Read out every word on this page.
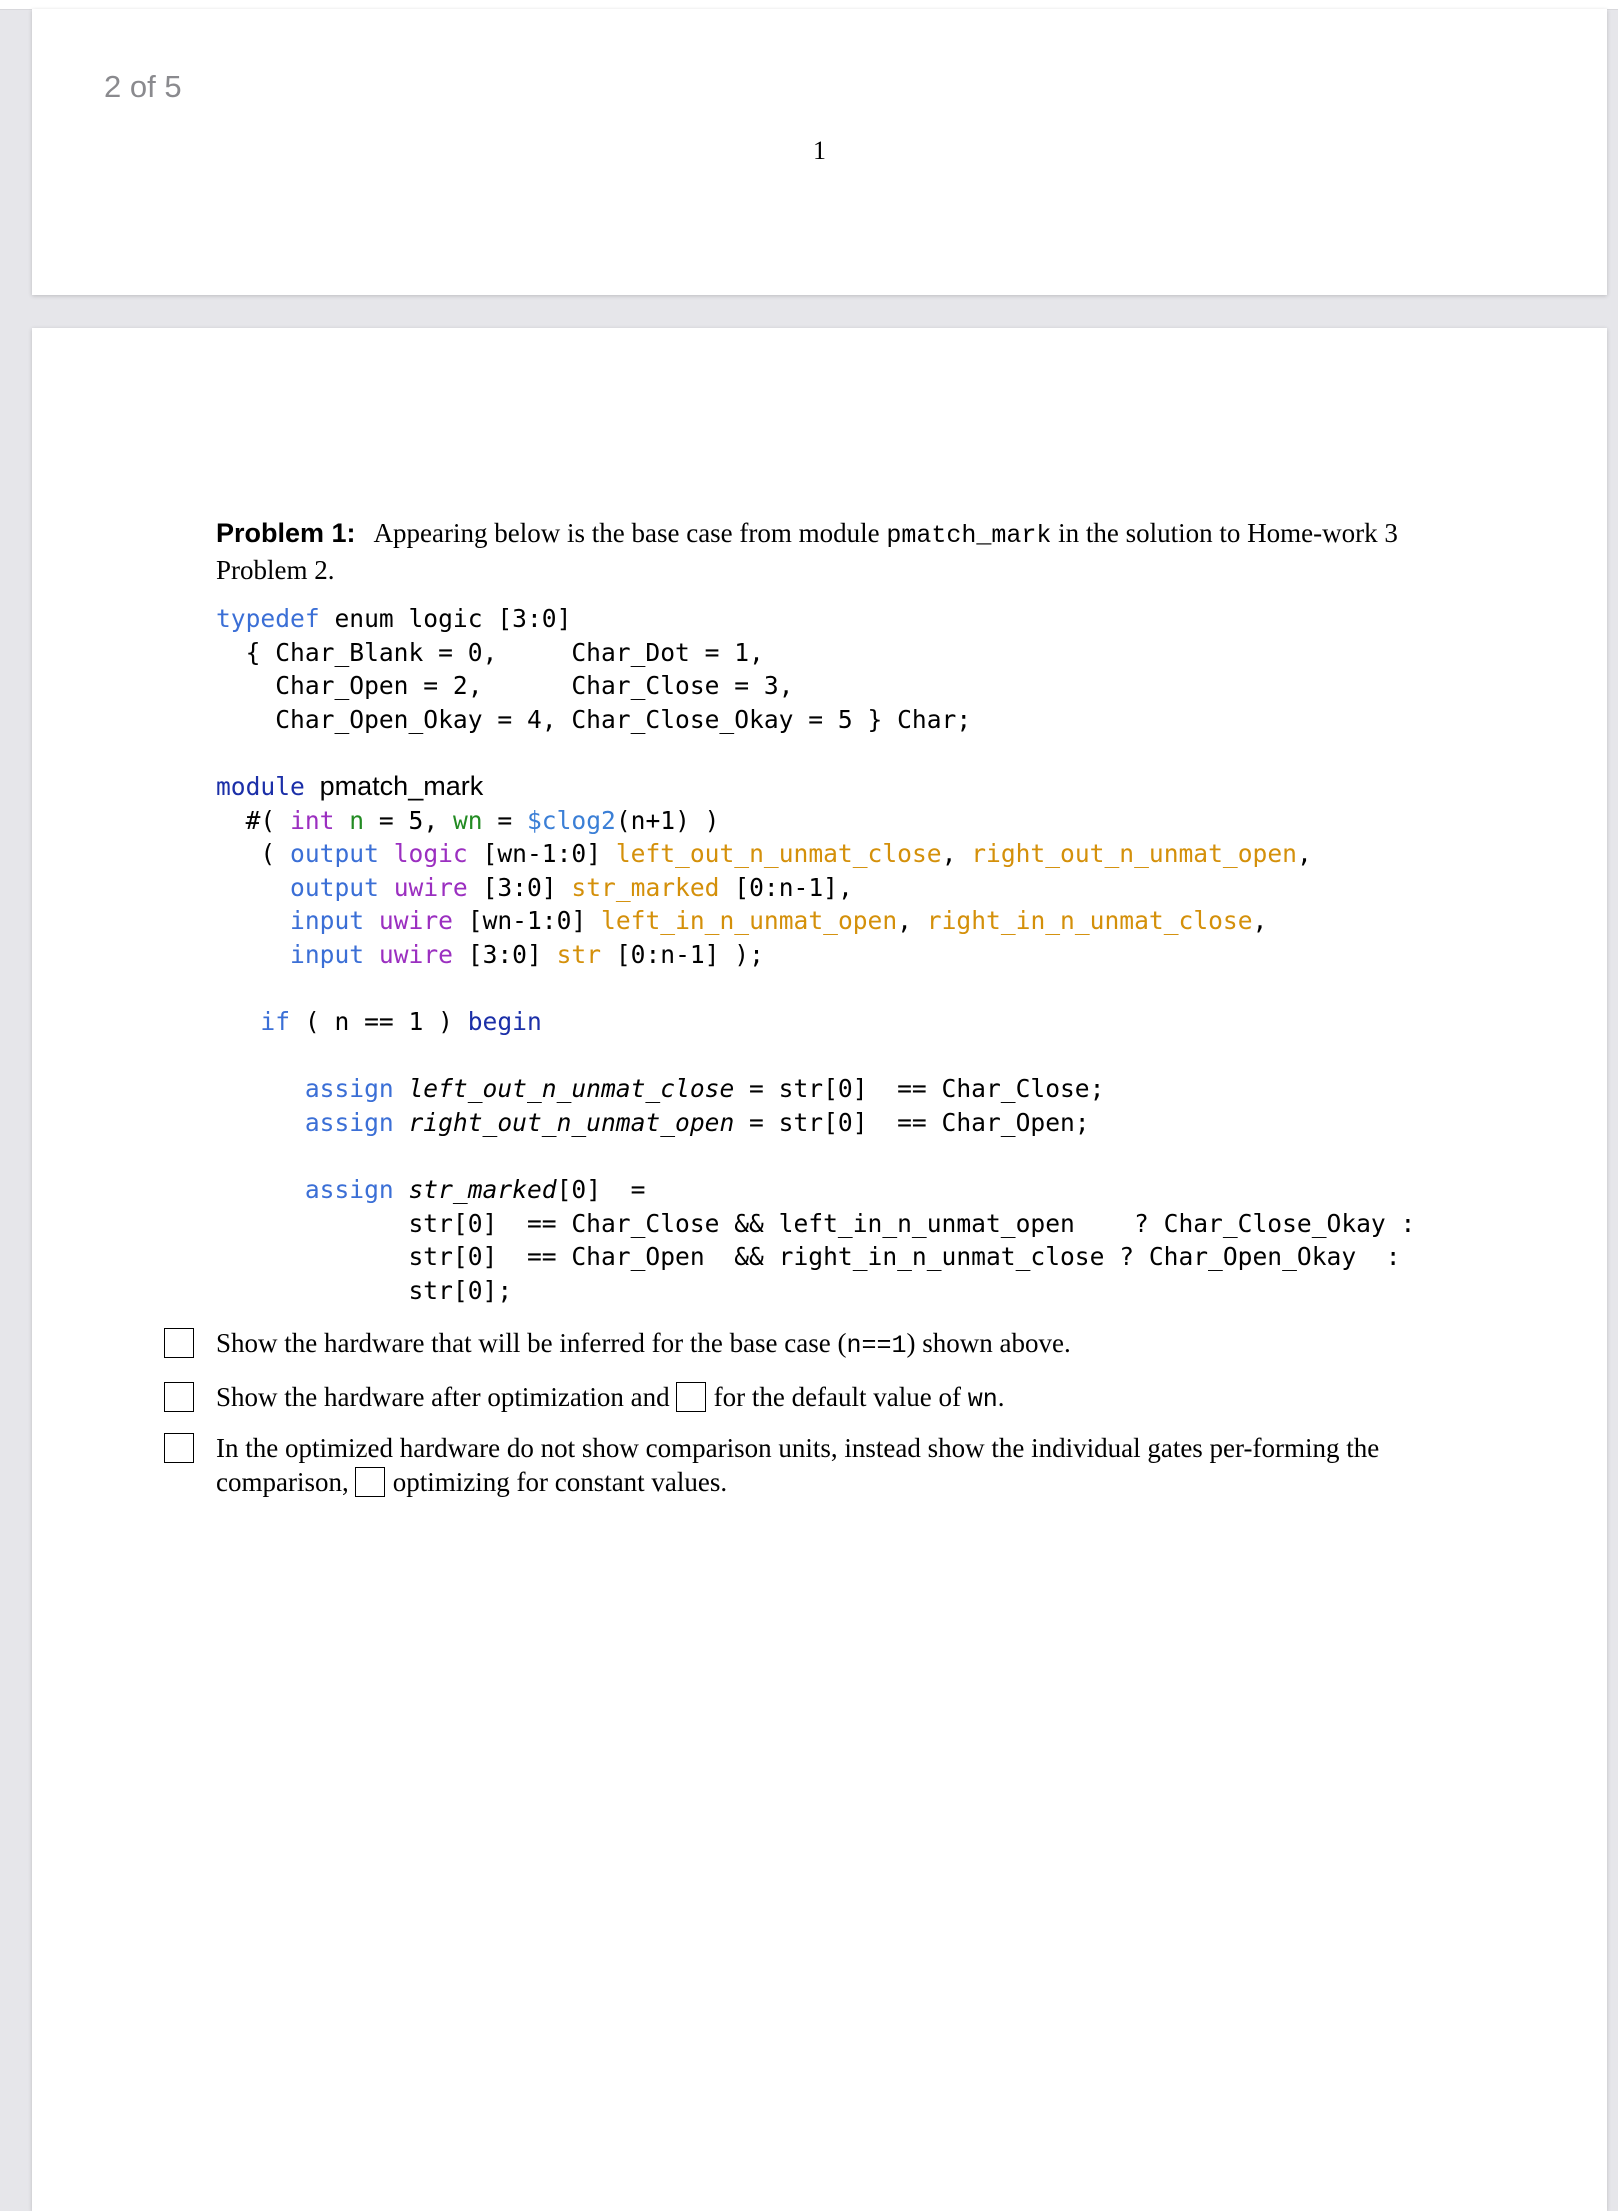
2 of 5
1
Problem 1: Appearing below is the base case from module pmatch_mark in the solution to Home-work 3 Problem 2.
typedef enum logic [3:0]
{ Char_Blank = 0,     Char_Dot = 1,
Char_Open = 2,      Char_Close = 3,
Char_Open_Okay = 4, Char_Close_Okay = 5 } Char;
module pmatch_mark
#( int n = 5, wn = $clog2(n+1) )
( output logic [wn-1:0] left_out_n_unmat_close, right_out_n_unmat_open,
output uwire [3:0] str_marked [0:n-1],
input uwire [wn-1:0] left_in_n_unmat_open, right_in_n_unmat_close,
input uwire [3:0] str [0:n-1] );

if ( n == 1 ) begin

assign left_out_n_unmat_close = str[0]  == Char_Close;
assign right_out_n_unmat_open = str[0]  == Char_Open;

assign str_marked[0]  =
str[0]  == Char_Close && left_in_n_unmat_open    ? Char_Close_Okay :
str[0]  == Char_Open  && right_in_n_unmat_close ? Char_Open_Okay  :
str[0];
Show the hardware that will be inferred for the base case (n==1) shown above.
Show the hardware after optimization and for the default value of wn.
In the optimized hardware do not show comparison units, instead show the individual gates per-forming the comparison, optimizing for constant values.
